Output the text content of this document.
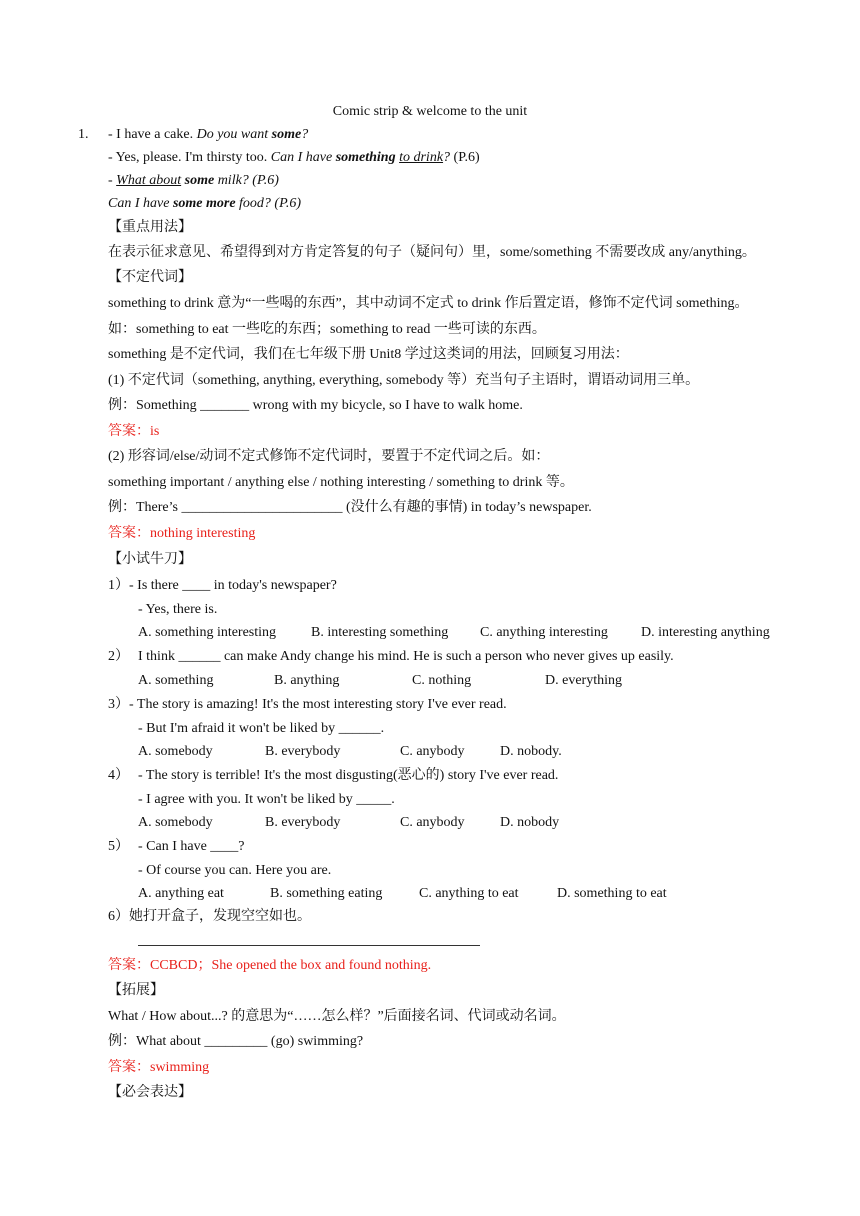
Comic strip & welcome to the unit
1. - I have a cake. Do you want some?
- Yes, please. I'm thirsty too. Can I have something to drink? (P.6)
- What about some milk? (P.6)
Can I have some more food? (P.6)
【重点用法】
在表示征求意见、希望得到对方肯定答复的句子（疑问句）里，some/something 不需要改成 any/anything。
【不定代词】
something to drink 意为“一些喝的东西”，其中动词不定式 to drink 作后置定语，修饰不定代词 something。
如：something to eat 一些吃的东西；something to read 一些可读的东西。
something 是不定代词，我们在七年级下册 Unit8 学过这类词的用法，回顾复习用法：
(1) 不定代词（something, anything, everything, somebody 等）充当句子主语时，谓语动词用三单。
例：Something _______ wrong with my bicycle, so I have to walk home.
答案：is
(2) 形容词/else/动词不定式修饰不定代词时，要置于不定代词之后。如：
something important / anything else / nothing interesting / something to drink 等。
例：There’s _______________________ (没什么有趣的事情) in today’s newspaper.
答案：nothing interesting
【小试牛刀】
1）- Is there ____ in today's newspaper?
- Yes, there is.
A. something interesting B. interesting something C. anything interesting D. interesting anything
2） I think ______ can make Andy change his mind. He is such a person who never gives up easily.
A. something	B. anything	C. nothing	D. everything
3）- The story is amazing! It's the most interesting story I've ever read.
- But I'm afraid it won't be liked by ______.
A. somebody	B. everybody	C. anybody	D. nobody.
4） - The story is terrible! It's the most disgusting(恶心的) story I've ever read.
- I agree with you. It won't be liked by _____.
A. somebody	B. everybody	C. anybody	D. nobody
5） - Can I have ____?
- Of course you can. Here you are.
A. anything eat	B. something eating	C. anything to eat	D. something to eat
6）她打开盒子，发现空空如也。
答案：CCBCD；She opened the box and found nothing.
【拓展】
What / How about...? 的意思为“……怎么样？”后面接名词、代词或动名词。
例：What about _________ (go) swimming?
答案：swimming
【必会表达】
